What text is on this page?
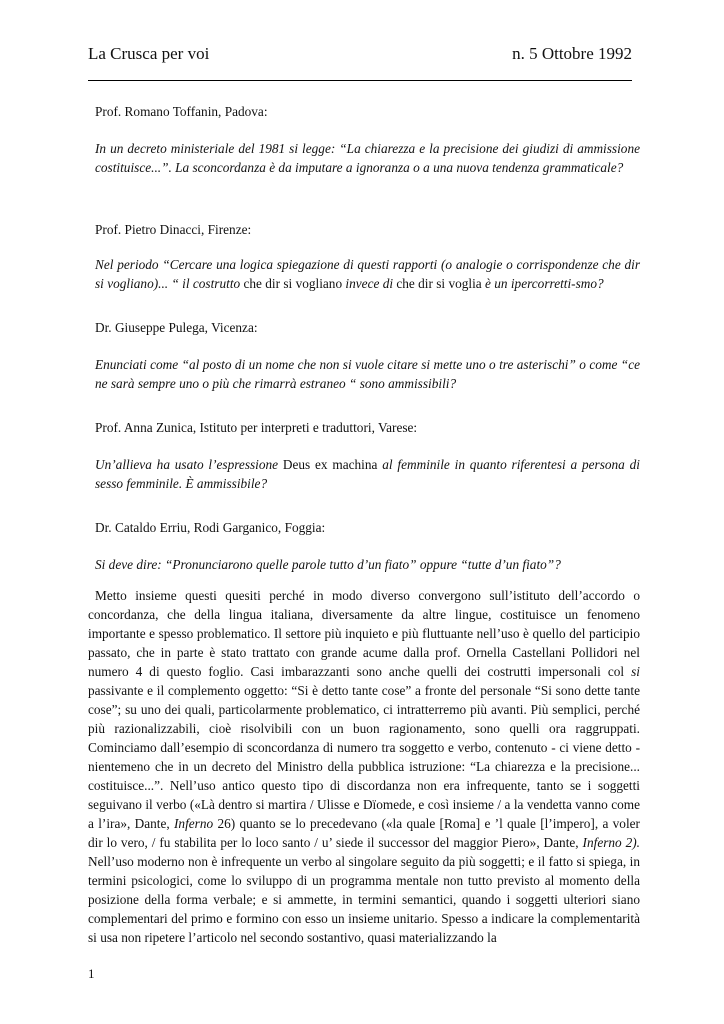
La Crusca per voi	n. 5 Ottobre 1992
Prof. Romano Toffanin, Padova:
In un decreto ministeriale del 1981 si legge: “La chiarezza e la precisione dei giudizi di ammissione costituisce...”. La sconcordanza è da imputare a ignoranza o a una nuova tendenza grammaticale?
Prof. Pietro Dinacci, Firenze:
Nel periodo “Cercare una logica spiegazione di questi rapporti (o analogie o corrispondenze che dir si vogliano)... “ il costrutto che dir si vogliano invece di che dir si voglia è un ipercorretti-smo?
Dr. Giuseppe Pulega, Vicenza:
Enunciati come “al posto di un nome che non si vuole citare si mette uno o tre asterischi” o come “ce ne sarà sempre uno o più che rimarrà estraneo “ sono ammissibili?
Prof. Anna Zunica, Istituto per interpreti e traduttori, Varese:
Un’allieva ha usato l’espressione Deus ex machina al femminile in quanto riferentesi a persona di sesso femminile. È ammissibile?
Dr. Cataldo Erriu, Rodi Garganico, Foggia:
Si deve dire: “Pronunciarono quelle parole tutto d’un fiato” oppure “tutte d’un fiato”?
Metto insieme questi quesiti perché in modo diverso convergono sull’istituto dell’accordo o concordanza, che della lingua italiana, diversamente da altre lingue, costituisce un fenomeno importante e spesso problematico. Il settore più inquieto e più fluttuante nell’uso è quello del participio passato, che in parte è stato trattato con grande acume dalla prof. Ornella Castellani Pollidori nel numero 4 di questo foglio. Casi imbarazzanti sono anche quelli dei costrutti impersonali col si passivante e il complemento oggetto: “Si è detto tante cose” a fronte del personale “Si sono dette tante cose”; su uno dei quali, particolarmente problematico, ci intratterremo più avanti. Più semplici, perché più razionalizzabili, cioè risolvibili con un buon ragionamento, sono quelli ora raggruppati. Cominciamo dall’esempio di sconcordanza di numero tra soggetto e verbo, contenuto - ci viene detto -nientemeno che in un decreto del Ministro della pubblica istruzione: “La chiarezza e la precisione... costituisce...”. Nell’uso antico questo tipo di discordanza non era infrequente, tanto se i soggetti seguivano il verbo («Là dentro si martira / Ulisse e Dïomede, e così insieme / a la vendetta vanno come a l’ira», Dante, Inferno 26) quanto se lo precedevano («la quale [Roma] e ’l quale [l’impero], a voler dir lo vero, / fu stabilita per lo loco santo / u’ siede il successor del maggior Piero», Dante, Inferno 2). Nell’uso moderno non è infrequente un verbo al singolare seguito da più soggetti; e il fatto si spiega, in termini psicologici, come lo sviluppo di un programma mentale non tutto previsto al momento della posizione della forma verbale; e si ammette, in termini semantici, quando i soggetti ulteriori siano complementari del primo e formino con esso un insieme unitario. Spesso a indicare la complementarità si usa non ripetere l’articolo nel secondo sostantivo, quasi materializzando la
1
